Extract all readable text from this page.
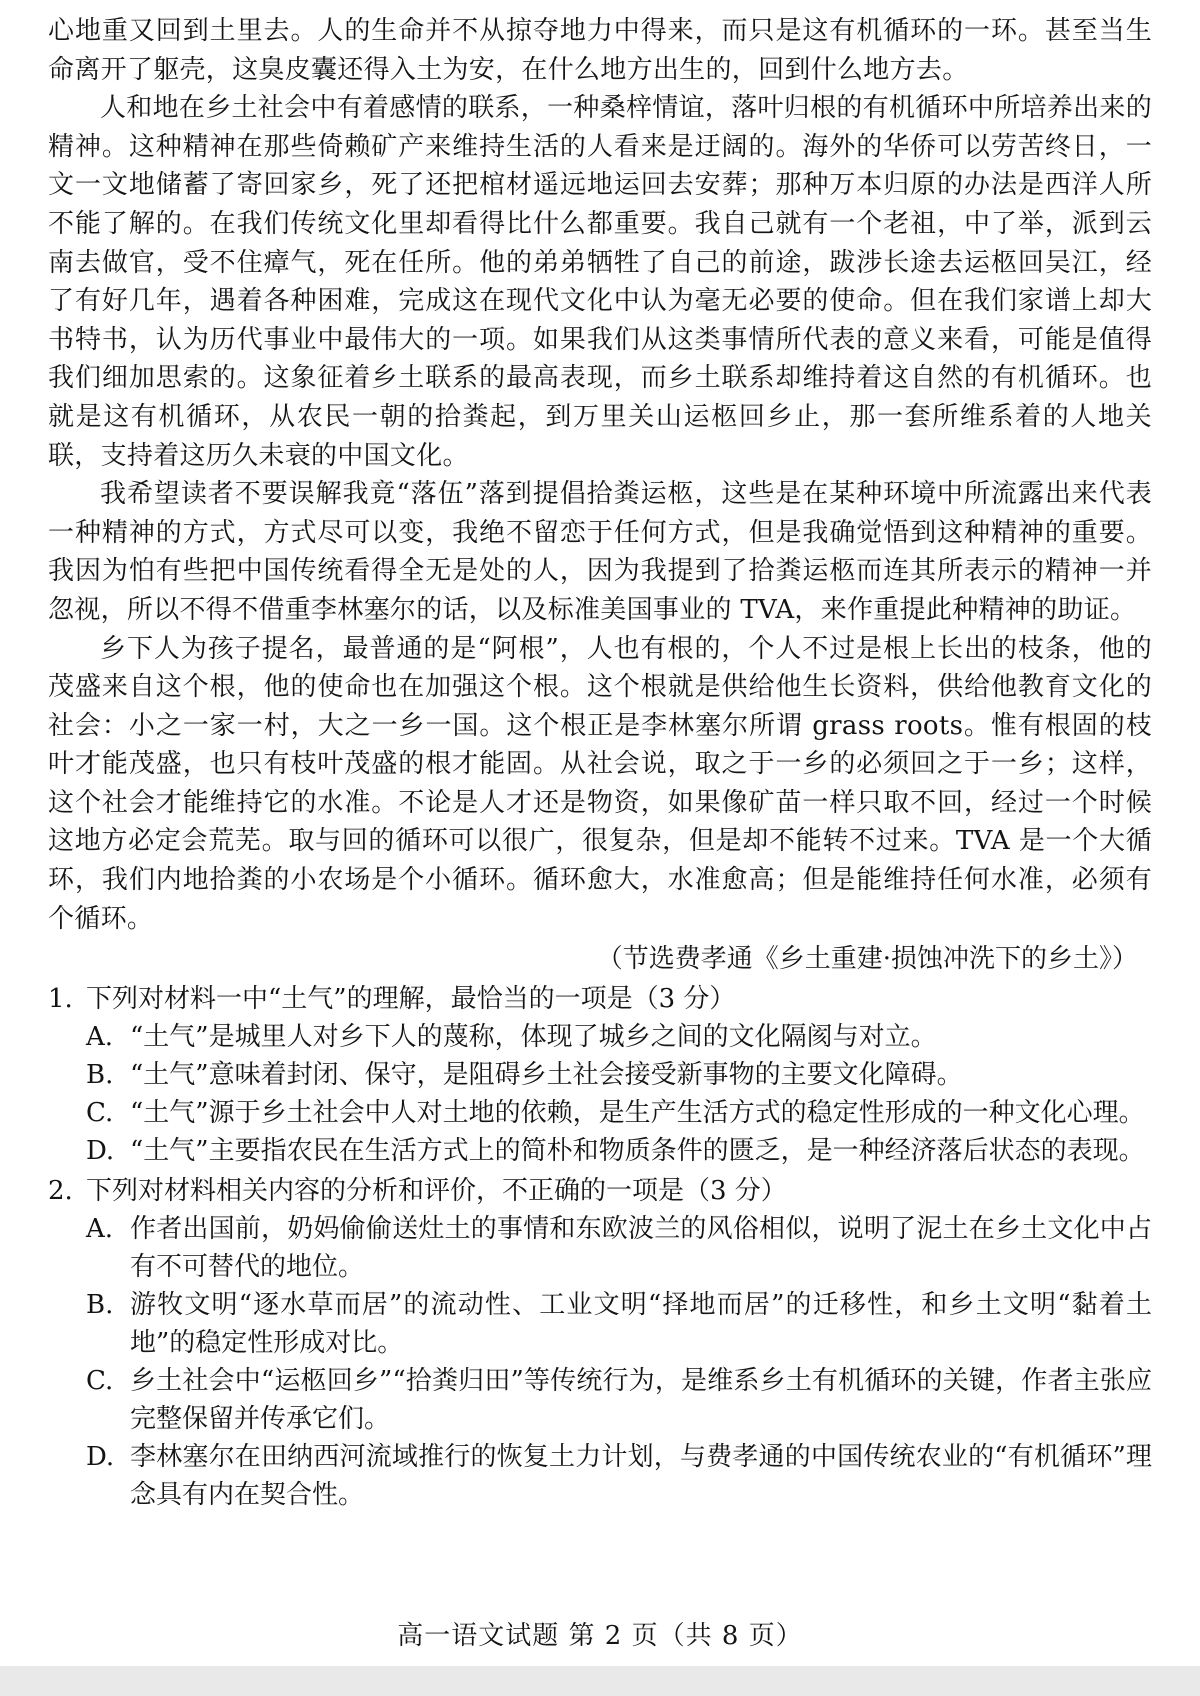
心地重又回到土里去。人的生命并不从掠夺地力中得来，而只是这有机循环的一环。甚至当生命离开了躯壳，这臭皮囊还得入土为安，在什么地方出生的，回到什么地方去。

人和地在乡土社会中有着感情的联系，一种桑梓情谊，落叶归根的有机循环中所培养出来的精神。这种精神在那些倚赖矿产来维持生活的人看来是迂阔的。海外的华侨可以劳苦终日，一文一文地储蓄了寄回家乡，死了还把棺材遥远地运回去安葬；那种万本归原的办法是西洋人所不能了解的。在我们传统文化里却看得比什么都重要。我自己就有一个老祖，中了举，派到云南去做官，受不住瘴气，死在任所。他的弟弟牺牲了自己的前途，跋涉长途去运柩回吴江，经了有好几年，遇着各种困难，完成这在现代文化中认为毫无必要的使命。但在我们家谱上却大书特书，认为历代事业中最伟大的一项。如果我们从这类事情所代表的意义来看，可能是值得我们细加思索的。这象征着乡土联系的最高表现，而乡土联系却维持着这自然的有机循环。也就是这有机循环，从农民一朝的拾粪起，到万里关山运柩回乡止，那一套所维系着的人地关联，支持着这历久未衰的中国文化。

我希望读者不要误解我竟“落伍”落到提倡拾粪运柩，这些是在某种环境中所流露出来代表一种精神的方式，方式尽可以变，我绝不留恋于任何方式，但是我确觉悟到这种精神的重要。我因为怕有些把中国传统看得全无是处的人，因为我提到了拾粪运柩而连其所表示的精神一并忽视，所以不得不借重李林塞尔的话，以及标准美国事业的 TVA，来作重提此种精神的助证。

乡下人为孩子提名，最普通的是“阿根”，人也有根的，个人不过是根上长出的枝条，他的茂盛来自这个根，他的使命也在加强这个根。这个根就是供给他生长资料，供给他教育文化的社会：小之一家一村，大之一乡一国。这个根正是李林塞尔所谓 grass roots。惟有根固的枝叶才能茂盛，也只有枝叶茂盛的根才能固。从社会说，取之于一乡的必须回之于一乡；这样，这个社会才能维持它的水准。不论是人才还是物资，如果像矿苗一样只取不回，经过一个时候这地方必定会荒芜。取与回的循环可以很广，很复杂，但是却不能转不过来。TVA 是一个大循环，我们内地拾粪的小农场是个小循环。循环愈大，水准愈高；但是能维持任何水准，必须有个循环。

（节选费孝通《乡土重建·损蚀冲洗下的乡土》）

1. 下列对材料一中“土气”的理解，最恰当的一项是（3 分）
A. “土气”是城里人对乡下人的蔑称，体现了城乡之间的文化隔阂与对立。
B. “土气”意味着封闭、保守，是阻碍乡土社会接受新事物的主要文化障碍。
C. “土气”源于乡土社会中人对土地的依赖，是生产生活方式的稳定性形成的一种文化心理。
D. “土气”主要指农民在生活方式上的简朴和物质条件的匮乏，是一种经济落后状态的表现。
2. 下列对材料相关内容的分析和评价，不正确的一项是（3 分）
A. 作者出国前，奶妈偷偷送灶土的事情和东欧波兰的风俗相似，说明了泥土在乡土文化中占有不可替代的地位。
B. 游牧文明“逐水草而居”的流动性、工业文明“择地而居”的迁移性，和乡土文明“黏着土地”的稳定性形成对比。
C. 乡土社会中“运柩回乡”“拾粪归田”等传统行为，是维系乡土有机循环的关键，作者主张应完整保留并传承它们。
D. 李林塞尔在田纳西河流域推行的恢复土力计划，与费孝通的中国传统农业的“有机循环”理念具有内在契合性。
高一语文试题 第 2 页（共 8 页）
